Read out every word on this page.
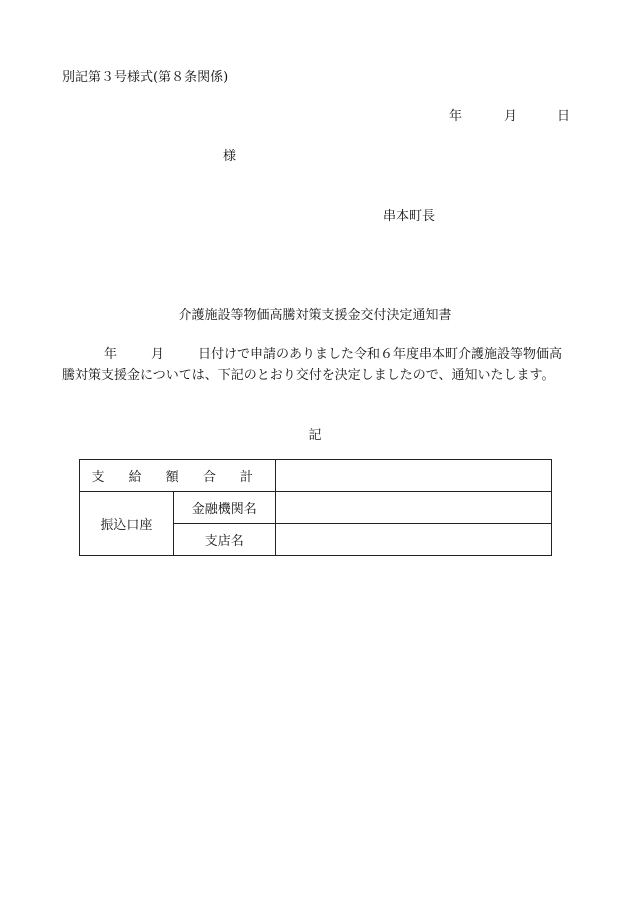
別記第３号様式(第８条関係)
年	月	日
様
串本町長
介護施設等物価高騰対策支援金交付決定通知書
年	月	日付けで申請のありました令和６年度串本町介護施設等物価高
騰対策支援金については、下記のとおり交付を決定しましたので、通知いたします。
記
支 給 額 合 計		
振込口座	金融機関名	
	支店名	
